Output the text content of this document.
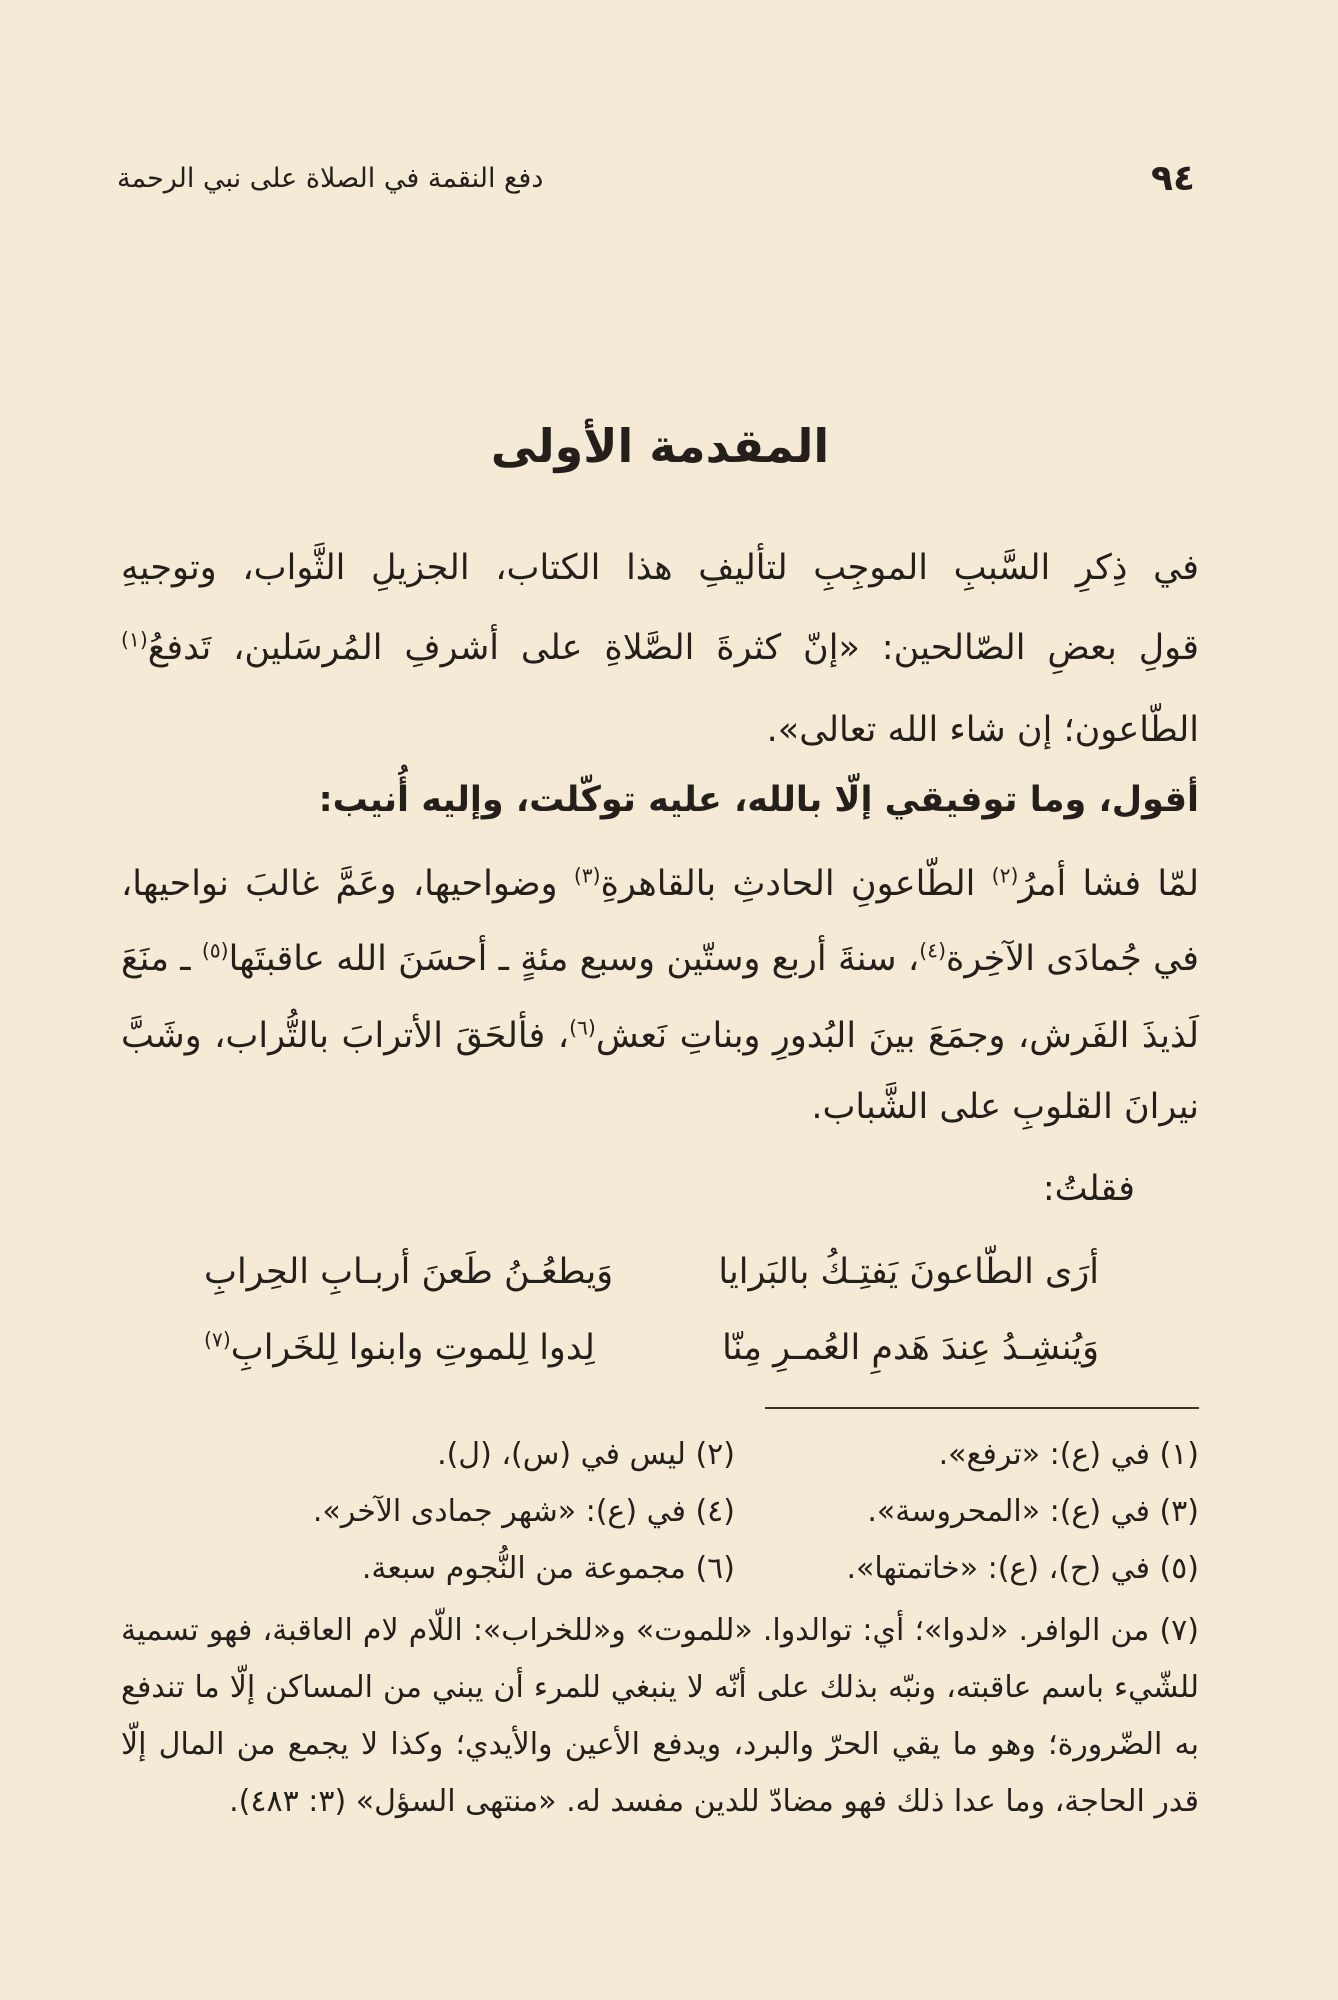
٩٤
دفع النقمة في الصلاة على نبي الرحمة
المقدمة الأولى
في ذِكرِ السَّببِ الموجِبِ لتأليفِ هذا الكتاب، الجزيلِ الثَّواب، وتوجيهِ
قولِ بعضِ الصّالحين: «إنّ كثرةَ الصَّلاةِ على أشرفِ المُرسَلين، تَدفعُ$^{(١)}$
الطّاعون؛ إن شاء الله تعالى».
أقول، وما توفيقي إلّا بالله، عليه توكّلت، وإليه أُنيب:
لمّا فشا أمرُ$^{(٢)}$ الطّاعونِ الحادثِ بالقاهرةِ$^{(٣)}$ وضواحيها، وعَمَّ غالبَ نواحيها،
في جُمادَى الآخِرة$^{(٤)}$، سنةَ أربع وستّين وسبع مئةٍ ـ أحسَنَ الله عاقبتَها$^{(٥)}$ ـ منَعَ
لَذيذَ الفَرش، وجمَعَ بينَ البُدورِ وبناتِ نَعش$^{(٦)}$، فألحَقَ الأترابَ بالتُّراب، وشَبَّ
نيرانَ القلوبِ على الشَّباب.
فقلتُ:
أرَى الطّاعونَ يَفتِـكُ بالبَرايا
وَيطعُـنُ طَعنَ أربـابِ الحِرابِ
وَيُنشِـدُ عِندَ هَدمِ العُمـرِ مِنّا
لِدوا لِلموتِ وابنوا لِلخَرابِ$^{(٧)}$
(١) في (ع): «ترفع».
(٢) ليس في (س)، (ل).
(٣) في (ع): «المحروسة».
(٤) في (ع): «شهر جمادى الآخر».
(٥) في (ح)، (ع): «خاتمتها».
(٦) مجموعة من النُّجوم سبعة.
(٧) من الوافر. «لدوا»؛ أي: توالدوا. «للموت» و«للخراب»: اللّام لام العاقبة، فهو تسمية
للشّيء باسم عاقبته، ونبّه بذلك على أنّه لا ينبغي للمرء أن يبني من المساكن إلّا ما تندفع
به الضّرورة؛ وهو ما يقي الحرّ والبرد، ويدفع الأعين والأيدي؛ وكذا لا يجمع من المال إلّا
قدر الحاجة، وما عدا ذلك فهو مضادّ للدين مفسد له. «منتهى السؤل» (٣: ٤٨٣).
